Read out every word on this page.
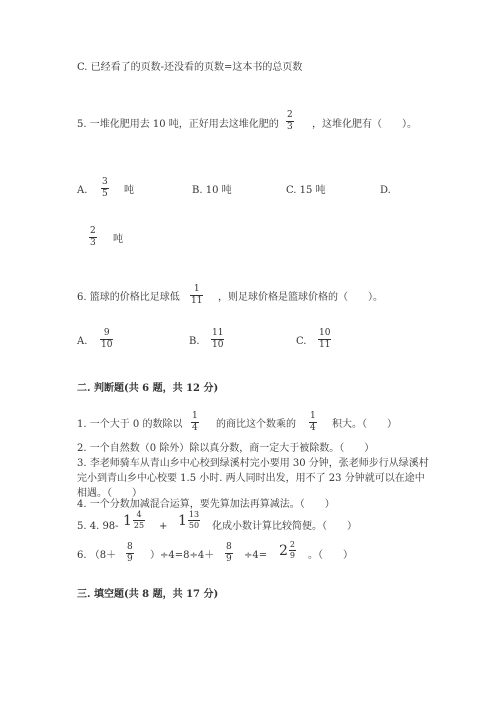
C. 已经看了的页数-还没看的页数=这本书的总页数
5. 一堆化肥用去 10 吨，正好用去这堆化肥的 $\frac{2}{3}$ ，这堆化肥有（　　）。
A. $\frac{3}{5}$ 吨	B. 10 吨	C. 15 吨	D.
$\frac{2}{3}$ 吨
6. 篮球的价格比足球低 $\frac{1}{11}$ ，则足球价格是篮球价格的（　　）。
A. $\frac{9}{10}$	B. $\frac{11}{10}$	C. $\frac{10}{11}$
二. 判断题(共 6 题，共 12 分)
1. 一个大于 0 的数除以 $\frac{1}{4}$ 的商比这个数乘的 $\frac{1}{4}$ 积大。（　　）
2. 一个自然数（0 除外）除以真分数，商一定大于被除数。（　　）
3. 李老师骑车从青山乡中心校到绿溪村完小要用 30 分钟，张老师步行从绿溪村
完小到青山乡中心校要 1.5 小时. 两人同时出发，用不了 23 分钟就可以在途中
相遇。（　　）
4. 一个分数加减混合运算，要先算加法再算减法。（　　）
5. 4. 98- $1 \frac{4}{25} + 1 \frac{13}{50}$ 化成小数计算比较简便。（　　）
6. $(8+ \frac{8}{9} )\div 4=8\div 4+ \frac{8}{9} \div 4= 2 \frac{2}{9}$ 。（　　）
三. 填空题(共 8 题，共 17 分)
